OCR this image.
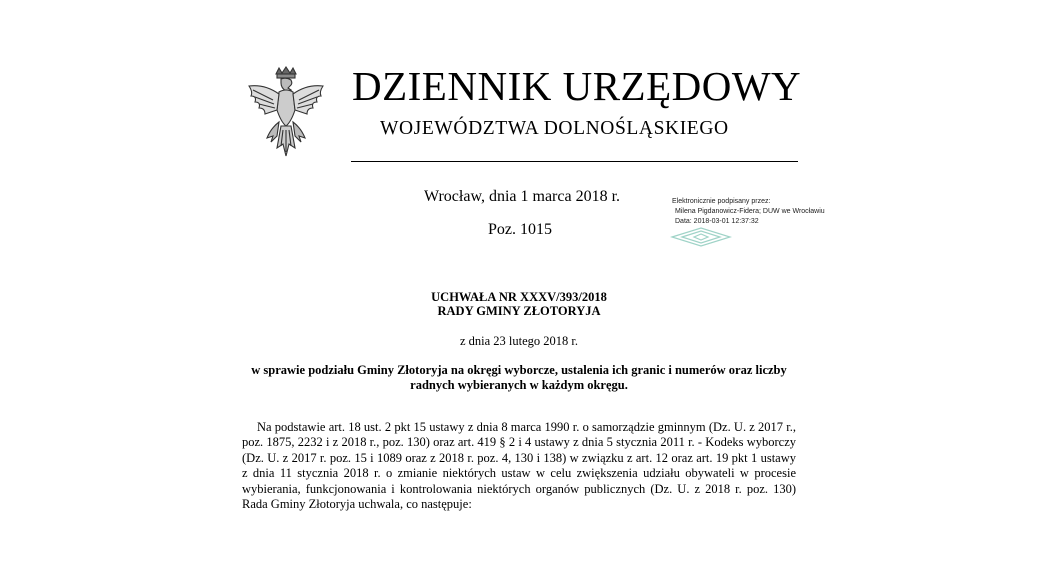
DZIENNIK URZĘDOWY
WOJEWÓDZTWA DOLNOŚLĄSKIEGO
Wrocław, dnia 1 marca 2018 r.
Poz. 1015
Elektronicznie podpisany przez:
Milena Pigdanowicz-Fidera; DUW we Wrocławiu
Data: 2018-03-01 12:37:32
UCHWAŁA NR XXXV/393/2018
RADY GMINY ZŁOTORYJA
z dnia 23 lutego 2018 r.
w sprawie podziału Gminy Złotoryja na okręgi wyborcze, ustalenia ich granic i numerów oraz liczby
radnych wybieranych w każdym okręgu.

Na podstawie art. 18 ust. 2 pkt 15 ustawy z dnia 8 marca 1990 r. o samorządzie gminnym (Dz. U. z 2017 r., poz. 1875, 2232 i z 2018 r., poz. 130) oraz art. 419 § 2 i 4 ustawy z dnia 5 stycznia 2011 r. - Kodeks wyborczy (Dz. U. z 2017 r. poz. 15 i 1089 oraz z 2018 r. poz. 4, 130 i 138) w związku z art. 12 oraz art. 19 pkt 1 ustawy z dnia 11 stycznia 2018 r. o zmianie niektórych ustaw w celu zwiększenia udziału obywateli w procesie wybierania, funkcjonowania i kontrolowania niektórych organów publicznych (Dz. U. z 2018 r. poz. 130) Rada Gminy Złotoryja uchwala, co następuje:
